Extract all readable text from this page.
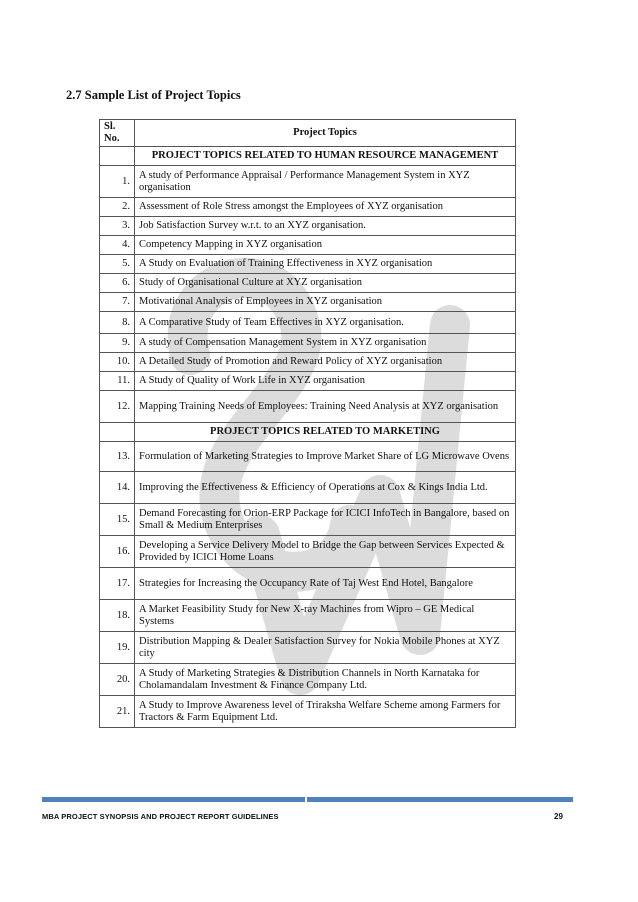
2.7 Sample List of Project Topics
Sl. No.	Project Topics
	PROJECT TOPICS RELATED TO HUMAN RESOURCE MANAGEMENT
1.	A study of Performance Appraisal / Performance Management System in XYZ organisation
2.	Assessment of Role Stress amongst the Employees of XYZ organisation
3.	Job Satisfaction Survey w.r.t. to an XYZ organisation.
4.	Competency Mapping in XYZ organisation
5.	A Study on Evaluation of Training Effectiveness in XYZ organisation
6.	Study of Organisational Culture at XYZ organisation
7.	Motivational Analysis of Employees in XYZ organisation
8.	A Comparative Study of Team Effectives in XYZ organisation.
9.	A study of Compensation Management System in XYZ organisation
10.	A Detailed Study of Promotion and Reward Policy of XYZ organisation
11.	A Study of Quality of Work Life in XYZ organisation
12.	Mapping Training Needs of Employees: Training Need Analysis at XYZ organisation
	PROJECT TOPICS RELATED TO MARKETING
13.	Formulation of Marketing Strategies to Improve Market Share of LG Microwave Ovens
14.	Improving the Effectiveness & Efficiency of Operations at Cox & Kings India Ltd.
15.	Demand Forecasting for Orion-ERP Package for ICICI InfoTech in Bangalore, based on Small & Medium Enterprises
16.	Developing a Service Delivery Model to Bridge the Gap between Services Expected & Provided by ICICI Home Loans
17.	Strategies for Increasing the Occupancy Rate of Taj West End Hotel, Bangalore
18.	A Market Feasibility Study for New X-ray Machines from Wipro – GE Medical Systems
19.	Distribution Mapping & Dealer Satisfaction Survey for Nokia Mobile Phones at XYZ city
20.	A Study of Marketing Strategies & Distribution Channels in North Karnataka for Cholamandalam Investment & Finance Company Ltd.
21.	A Study to Improve Awareness level of Triraksha Welfare Scheme among Farmers for Tractors & Farm Equipment Ltd.
MBA PROJECT SYNOPSIS AND PROJECT REPORT GUIDELINES	29
